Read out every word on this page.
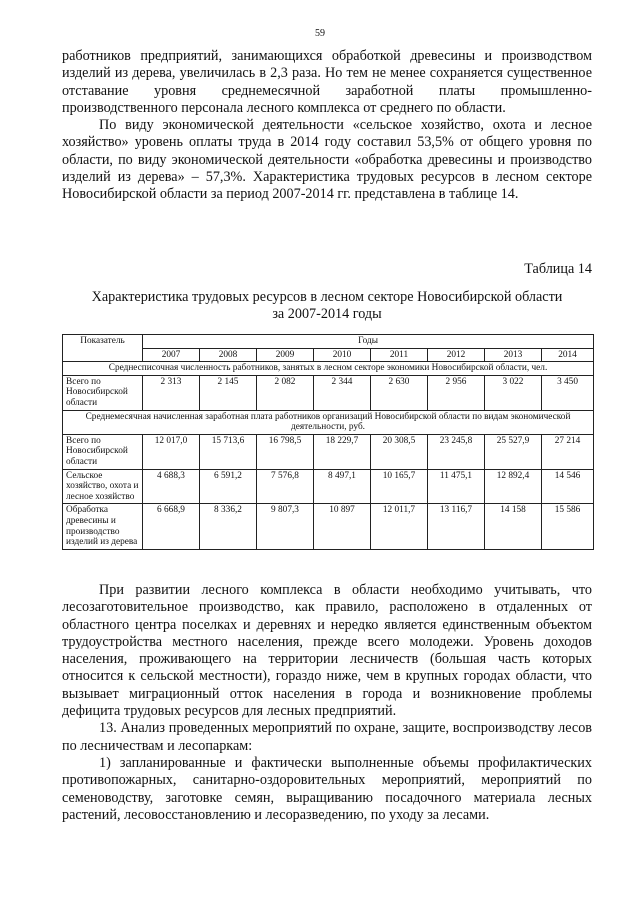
59

работников предприятий, занимающихся обработкой древесины и производством изделий из дерева, увеличилась в 2,3 раза. Но тем не менее сохраняется существенное отставание уровня среднемесячной заработной платы промышленно-производственного персонала лесного комплекса от среднего по области.

По виду экономической деятельности «сельское хозяйство, охота и лесное хозяйство» уровень оплаты труда в 2014 году составил 53,5% от общего уровня по области, по виду экономической деятельности «обработка древесины и производство изделий из дерева» – 57,3%. Характеристика трудовых ресурсов в лесном секторе Новосибирской области за период 2007-2014 гг. представлена в таблице 14.

Таблица 14
Характеристика трудовых ресурсов в лесном секторе Новосибирской области
за 2007-2014 годы
Показатель	Годы							
	2007	2008	2009	2010	2011	2012	2013	2014
Среднесписочная численность работников, занятых в лесном секторе экономики Новосибирской области, чел.								
Всего по Новосибирской области	2 313	2 145	2 082	2 344	2 630	2 956	3 022	3 450
Среднемесячная начисленная заработная плата работников организаций Новосибирской области по видам экономической деятельности, руб.								
Всего по Новосибирской области	12 017,0	15 713,6	16 798,5	18 229,7	20 308,5	23 245,8	25 527,9	27 214
Сельское хозяйство, охота и лесное хозяйство	4 688,3	6 591,2	7 576,8	8 497,1	10 165,7	11 475,1	12 892,4	14 546
Обработка древесины и производство изделий из дерева	6 668,9	8 336,2	9 807,3	10 897	12 011,7	13 116,7	14 158	15 586

При развитии лесного комплекса в области необходимо учитывать, что лесозаготовительное производство, как правило, расположено в отдаленных от областного центра поселках и деревнях и нередко является единственным объектом трудоустройства местного населения, прежде всего молодежи. Уровень доходов населения, проживающего на территории лесничеств (большая часть которых относится к сельской местности), гораздо ниже, чем в крупных городах области, что вызывает миграционный отток населения в города и возникновение проблемы дефицита трудовых ресурсов для лесных предприятий.

13. Анализ проведенных мероприятий по охране, защите, воспроизводству лесов по лесничествам и лесопаркам:

1) запланированные и фактически выполненные объемы профилактических противопожарных, санитарно-оздоровительных мероприятий, мероприятий по семеноводству, заготовке семян, выращиванию посадочного материала лесных растений, лесовосстановлению и лесоразведению, по уходу за лесами.
